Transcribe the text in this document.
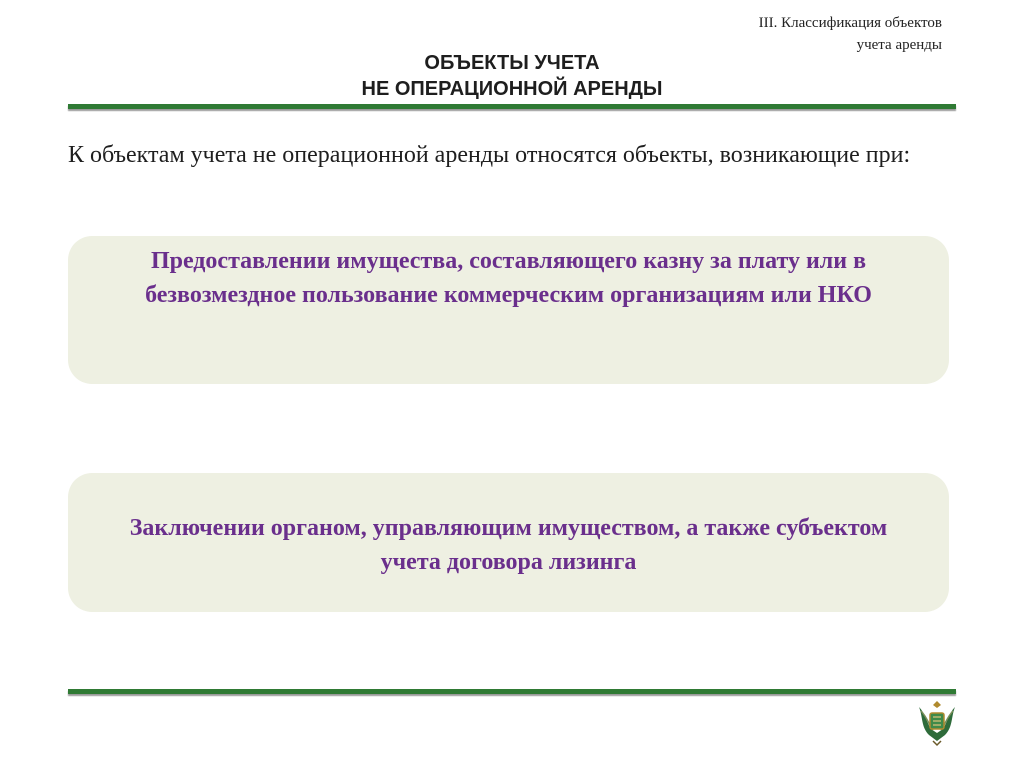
III. Классификация объектов
учета аренды
ОБЪЕКТЫ УЧЕТА
НЕ ОПЕРАЦИОННОЙ АРЕНДЫ
К объектам учета не операционной аренды относятся объекты, возникающие при:
Предоставлении имущества, составляющего казну за плату или в безвозмездное пользование коммерческим организациям или НКО
Заключении органом, управляющим имуществом, а также субъектом учета договора лизинга
